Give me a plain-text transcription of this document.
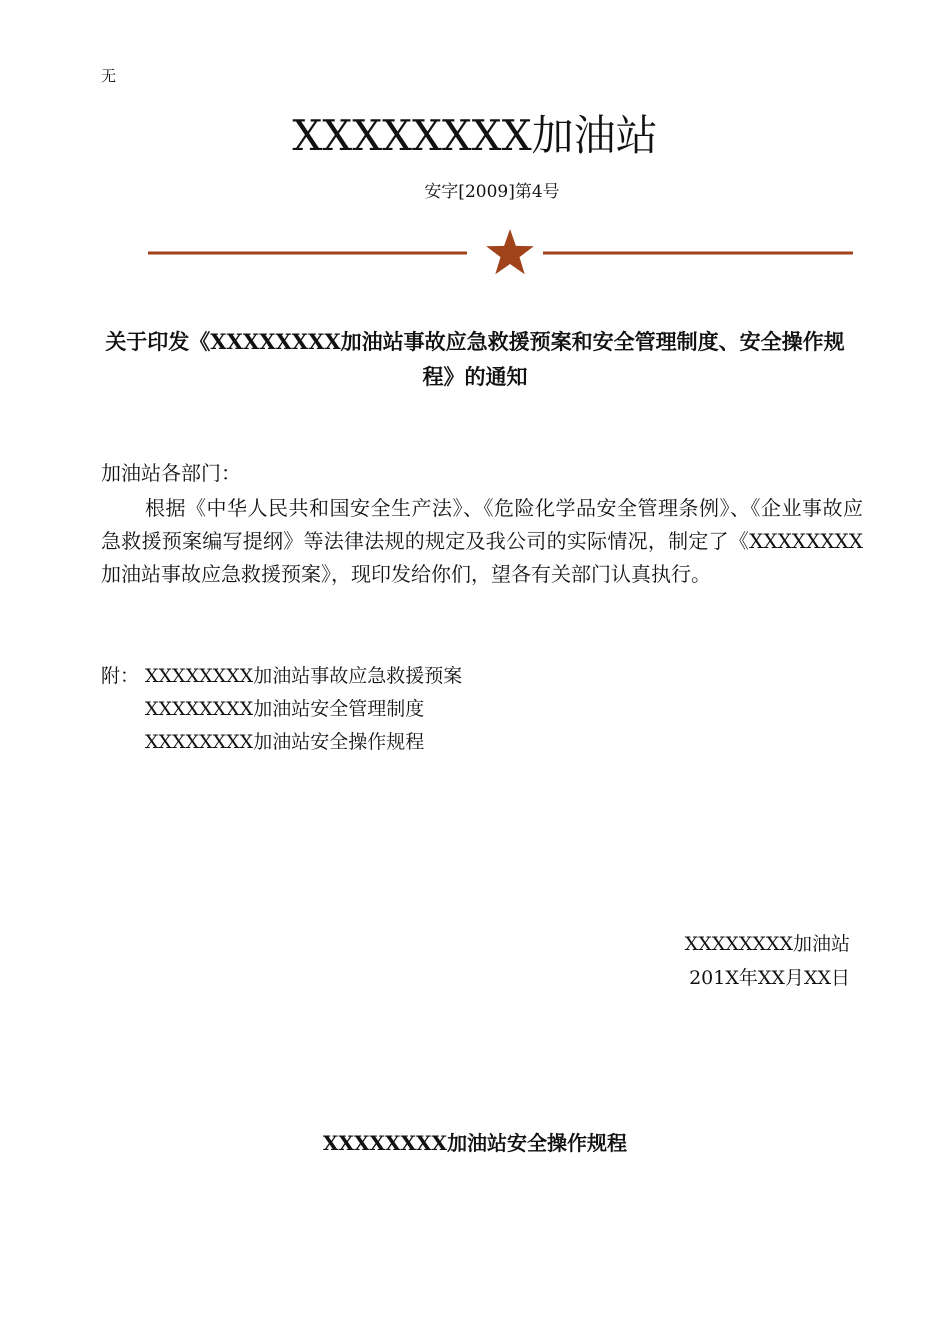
无
XXXXXXXX加油站
安字[2009]第4号
关于印发《XXXXXXXX加油站事故应急救援预案和安全管理制度、安全操作规程》的通知
加油站各部门：
根据《中华人民共和国安全生产法》、《危险化学品安全管理条例》、《企业事故应急救援预案编写提纲》等法律法规的规定及我公司的实际情况，制定了《XXXXXXXX加油站事故应急救援预案》，现印发给你们，望各有关部门认真执行。
附： XXXXXXXX加油站事故应急救援预案
XXXXXXXX加油站安全管理制度
XXXXXXXX加油站安全操作规程
XXXXXXXX加油站
201X年XX月XX日
XXXXXXXX加油站安全操作规程
